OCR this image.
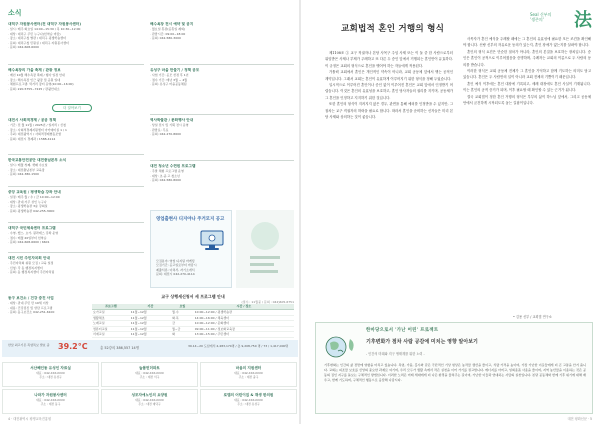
소식
대덕구 자원봉사센터(전 대덕구 자원봉사센터)
· 일시: 매주 화요일 14:00~15:30 / 목 10:30~12:00
· 대상: 대덕구 주민 누구나(선착순 마감)
· 장소: 대덕구청 별관 / 대덕구 평생학습센터
· 문의: 대덕구청 민원실 / 대덕구 자원봉사센터
· 문의: 042-608-6000
해수욕장의 가을 축제 / 관광 정보
· 매년 10월 해수욕장 축제 / 행사 일정 안내
· 장소: 해수욕장 인근 광장 및 공원 일대
· 체험프로그램: 먹거리 장터 운영(10:00~16:00)
· 문의: 220-5755~7225 / 관광안내소
더 알아보기
대전시 사회적경제 / 공공 정책
· 기간: 전 월 11월 / 2025년 / 일자리 / 신청
· 장소: 사회적경제지원센터 아카데미실 1 / 1
· 주최: 대전광역시 / 사회적경제협동조합
· 문의: 대전시 경제과 / 1588-4114
한국교통안전공단 대전충남본부 소식
· 일시: 매월 첫째, 셋째 수요일
· 장소: 대전충남본부 교육장
· 문의: 042-380-1500
중앙 교육원 / 평생학습 강좌 안내
· 일정: 매주 월 / 수 / 금 10:00~12:00
· 대상: 관내 거주 성인 누구나
· 장소: 평생학습관 3층 강의실
· 문의: 평생학습관 042-255-3000
대덕구 국민체육센터 프로그램
· 수영, 헬스, 요가, 필라테스 강좌 운영
· 접수: 매월 20일부터 선착순
· 문의: 042-608-6600 / 6601
대전 시민 주민자치회 안내
· 주민자치회 위원 모집 / 교육 일정
· 신청: 각 동 행정복지센터
· 문의: 동 행정복지센터 주민자치팀
동구 보건소 / 건강 증진 사업
· 대상: 관내 주민 만 19세 이상
· 내용: 건강검진 및 상담 프로그램
· 문의: 동구보건소 042-251-6100
해수욕장 전시 예약 및 공지
· 월요일 휴관(공휴일 제외)
· 관람시간: 09:00~18:00
· 문의: 042-580-3000
유성구 마을 만들기 / 정책 공모
· 사업 기간: 공모 선정 후 1년
· 접수 기간: 매년 3월 ~ 4월
· 문의: 유성구 마을공동체팀
역사박물관 / 문화행사 안내
· 상설 전시 및 기획 전시 운영
· 관람료: 무료
· 문의: 042-270-8600
대전 청소년 수련원 프로그램
· 주말 체험 프로그램 운영
· 대상: 초·중·고 청소년
· 문의: 042-580-8000
영업출현사 디지야나 주거모지 공고
모집분야: 영업 디지털 마케팅
모집기간: 공고일로부터 마감시
제출서류: 이력서, 자기소개서
문의: 대전시 042-270-4114
교구 상행세신청서 세 프로그램 안내
(접수 : 11월중 / 문의 : 042)605-6751
프로그램	기간	요일	시간 / 장소
요가교실	11월~12월	월·수	10:00~12:00 / 평생학습관
생활체조	11월~12월	화·목	14:00~16:00 / 체육센터
노래교실	11월~12월	금	10:00~12:00 / 문화센터
컴퓨터교실	11월~12월	월~금	09:00~11:00 / 정보화교육장
서예교실	11월~12월	화	13:00~15:00 / 주민센터
한낮 최고기온 폭염특보 발효 중	39.2°C	총 52강의 386,557 14명	39.14~20 도심에서 4,483,170명 / 총 9,208,750 명 / 73 / 1,417,000명
서산혜인동 유성인 자료실
대표 : 042-XXX-XXXX
주소 : 대전 유성구
늘봄먼더파트
대표 : 042-XXX-XXXX
주소 : 대전 서구
마음의 지원센터
대표 : 042-XXX-XXXX
주소 : 대전 중구
나라가 자원봉사센터
대표 : 042-XXX-XXXX
주소 : 대전 동구
성모자애노인의 요양원
대표 : 042-XXX-XXXX
주소 : 대전 대덕구
로뎀의 어린이집 & 재생 한의원
대표 : 042-XXX-XXXX
주소 : 대전 유성구
4 · 대전광역시 평생교육진흥원
Seal 신부의
'생존의'	法
교회법적 혼인 거행의 형식

제1108조 ① 교구 직권자나 본당 사목구 주임 사제 또는 이 둘 중 한 사람으로부터 위임받은 사제나 부제가 주례하고 또 다른 두 증인 앞에서 거행되는 혼인만이 유효하다. 이 규정은 교회의 형식으로 혼인을 맺어야 하는 자들에게 적용된다.

가톨릭 교회에서 혼인은 개인적인 약속이 아니라, 교회 공동체 앞에서 맺는 공적인 계약입니다. 그래서 교회는 혼인이 유효하게 이루어지기 위한 형식을 정해 두었습니다.

일시적으로 이루어진 혼인이나 증인 없이 이루어진 혼인은 교회 앞에서 인정받기 어렵습니다. 이것은 혼인의 유효성을 보호하고, 혼인 당사자들의 권리를 지키며, 공동체가 그 혼인을 인정하고 지지하기 위한 것입니다.

또한 혼인의 형식이 지켜지지 않은 경우, 관면을 통해 예외를 인정받을 수 있지만, 그 절차는 교구 직권자의 허락을 필요로 합니다. 따라서 혼인을 준비하는 신자들은 미리 본당 사제와 상의하는 것이 좋습니다.

사목자가 혼인 예식을 주례할 때에는 그 혼인의 유효성에 필요한 모든 조건을 확인해야 합니다. 신랑 신부의 자유로운 동의가 있는지, 혼인 장애가 없는지를 살펴야 합니다.

혼인의 형식 요건은 단순한 절차가 아니라, 혼인의 본질을 보호하는 장치입니다. 증인은 혼인이 공적으로 이루어졌음을 증명하며, 주례자는 교회의 이름으로 두 사람의 동의를 받습니다.

이러한 형식은 교회 공동체 전체가 그 혼인을 기억하고 함께 기도하는 의미도 담고 있습니다. 혼인은 두 사람만의 일이 아니라 교회 전체의 기쁨이기 때문입니다.

혼인 예식 이후에는 혼인 대장에 기록되고, 세례 대장에도 혼인 사실이 기재됩니다. 이는 혼인의 공적 증거가 되며, 이후 필요할 때 확인할 수 있는 근거가 됩니다.

결국 교회법이 정한 혼인 거행의 형식은 부부의 삶이 하느님 앞에서, 그리고 공동체 안에서 굳건하게 시작되도록 돕는 길잡이입니다.

• 김용 신부 / 교회법 연구소
한마당으로서 '가난 어린' 프로젝트
기후변화가 점차 사람 공감에 미치는 영향 알아보기
- 인간의 미래와 지구 생태계를 위한 노력 -
기후변화는 인간의 삶 전반에 영향을 미치고 있습니다. 폭염, 가뭄, 홍수와 같은 극단적인 기상 현상은 농작물 생산을 줄이고, 식량 가격을 높이며, 가장 가난한 이웃들에게 더 큰 고통을 안겨 줍니다. 교회는 피조물 보호를 신앙의 중요한 과제로 여기며, 우리 모두가 생활 속에서 작은 실천을 이어 가기를 권고합니다. 에너지를 아끼고, 일회용품 사용을 줄이며, 지역 농산물을 이용하는 것은 공동의 집인 지구를 돌보는 구체적인 방법입니다. 이러한 노력은 미래 세대에게 더 나은 환경을 물려주는 길이며, 가난한 이들과 연대하는 사랑의 실천입니다. 본당 공동체와 함께 기후 위기에 대해 배우고, 함께 기도하며, 구체적인 행동으로 응답해 나갑시다.
대전 평화신문 · 5
